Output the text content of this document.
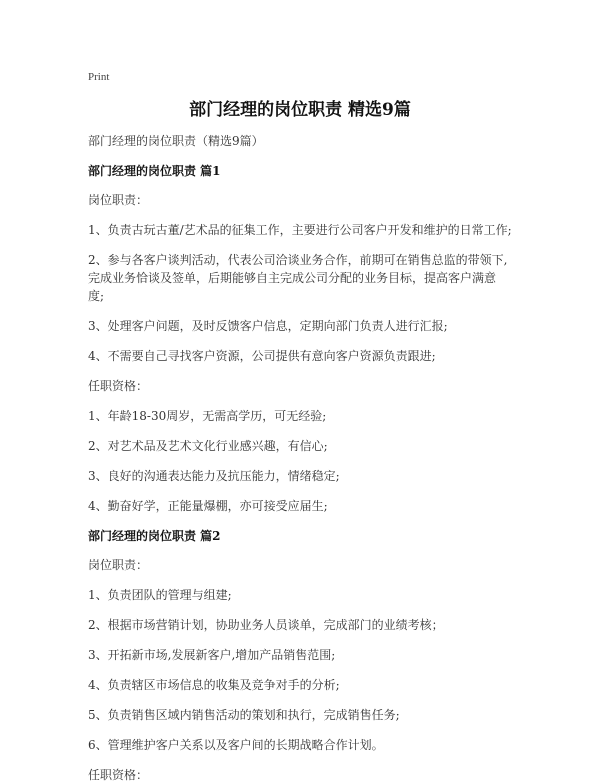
Print
部门经理的岗位职责 精选9篇
部门经理的岗位职责（精选9篇）
部门经理的岗位职责 篇1
岗位职责：
1、负责古玩古董/艺术品的征集工作，主要进行公司客户开发和维护的日常工作;
2、参与各客户谈判活动，代表公司洽谈业务合作，前期可在销售总监的带领下,完成业务恰谈及签单，后期能够自主完成公司分配的业务目标，提高客户满意度;
3、处理客户问题，及时反馈客户信息，定期向部门负责人进行汇报;
4、不需要自己寻找客户资源，公司提供有意向客户资源负责跟进;
任职资格：
1、年龄18-30周岁，无需高学历，可无经验;
2、对艺术品及艺术文化行业感兴趣，有信心;
3、良好的沟通表达能力及抗压能力，情绪稳定;
4、勤奋好学，正能量爆棚，亦可接受应届生;
部门经理的岗位职责 篇2
岗位职责：
1、负责团队的管理与组建;
2、根据市场营销计划，协助业务人员谈单，完成部门的业绩考核；
3、开拓新市场,发展新客户,增加产品销售范围;
4、负责辖区市场信息的收集及竞争对手的分析;
5、负责销售区域内销售活动的策划和执行，完成销售任务;
6、管理维护客户关系以及客户间的长期战略合作计划。
任职资格：
